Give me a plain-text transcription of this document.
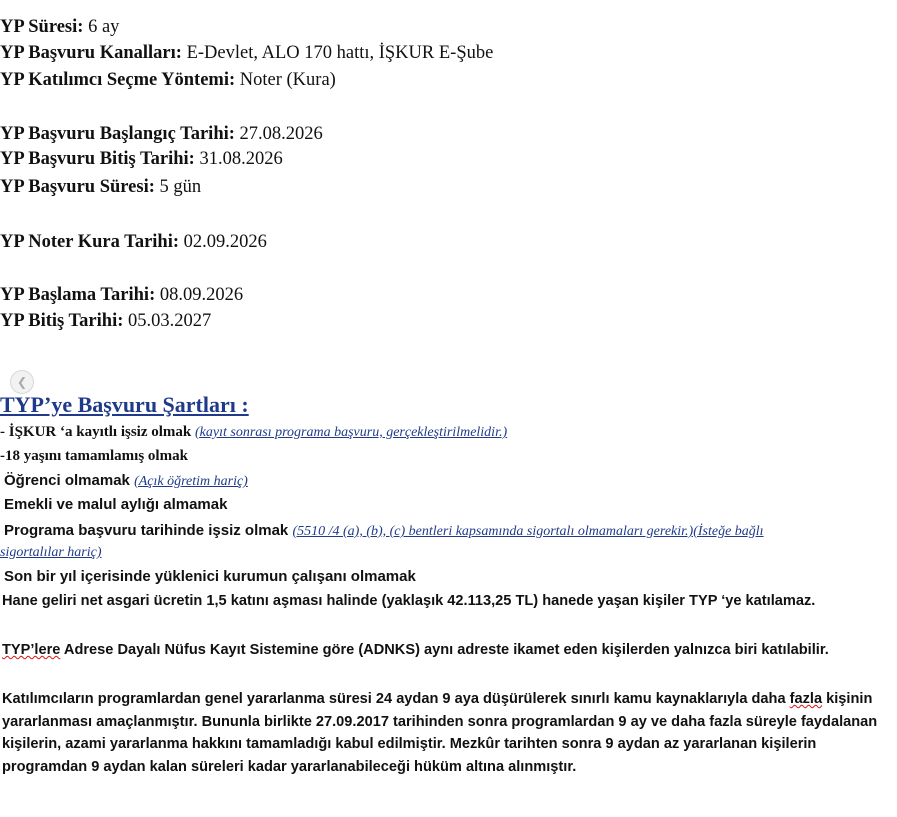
YP Süresi: 6 ay
YP Başvuru Kanalları: E-Devlet, ALO 170 hattı, İŞKUR E-Şube
YP Katılımcı Seçme Yöntemi: Noter (Kura)
YP Başvuru Başlangıç Tarihi: 27.08.2026
YP Başvuru Bitiş Tarihi: 31.08.2026
YP Başvuru Süresi: 5 gün
YP Noter Kura Tarihi: 02.09.2026
YP Başlama Tarihi: 08.09.2026
YP Bitiş Tarihi: 05.03.2027
❮
TYP’ye Başvuru Şartları :
- İŞKUR ‘a kayıtlı işsiz olmak (kayıt sonrası programa başvuru, gerçekleştirilmelidir.)
-18 yaşını tamamlamış olmak
Öğrenci olmamak (Açık öğretim hariç)
Emekli ve malul aylığı almamak
Programa başvuru tarihinde işsiz olmak (5510 /4 (a), (b), (c) bentleri kapsamında sigortalı olmamaları gerekir.)(İsteğe bağlı
sigortalılar hariç)
Son bir yıl içerisinde yüklenici kurumun çalışanı olmamak
Hane geliri net asgari ücretin 1,5 katını aşması halinde (yaklaşık 42.113,25 TL) hanede yaşan kişiler TYP ‘ye katılamaz.
TYP’lere Adrese Dayalı Nüfus Kayıt Sistemine göre (ADNKS) aynı adreste ikamet eden kişilerden yalnızca biri katılabilir.
Katılımcıların programlardan genel yararlanma süresi 24 aydan 9 aya düşürülerek sınırlı kamu kaynaklarıyla daha fazla kişinin yararlanması amaçlanmıştır. Bununla birlikte 27.09.2017 tarihinden sonra programlardan 9 ay ve daha fazla süreyle faydalanan kişilerin, azami yararlanma hakkını tamamladığı kabul edilmiştir. Mezkûr tarihten sonra 9 aydan az yararlanan kişilerin programdan 9 aydan kalan süreleri kadar yararlanabileceği hüküm altına alınmıştır.
